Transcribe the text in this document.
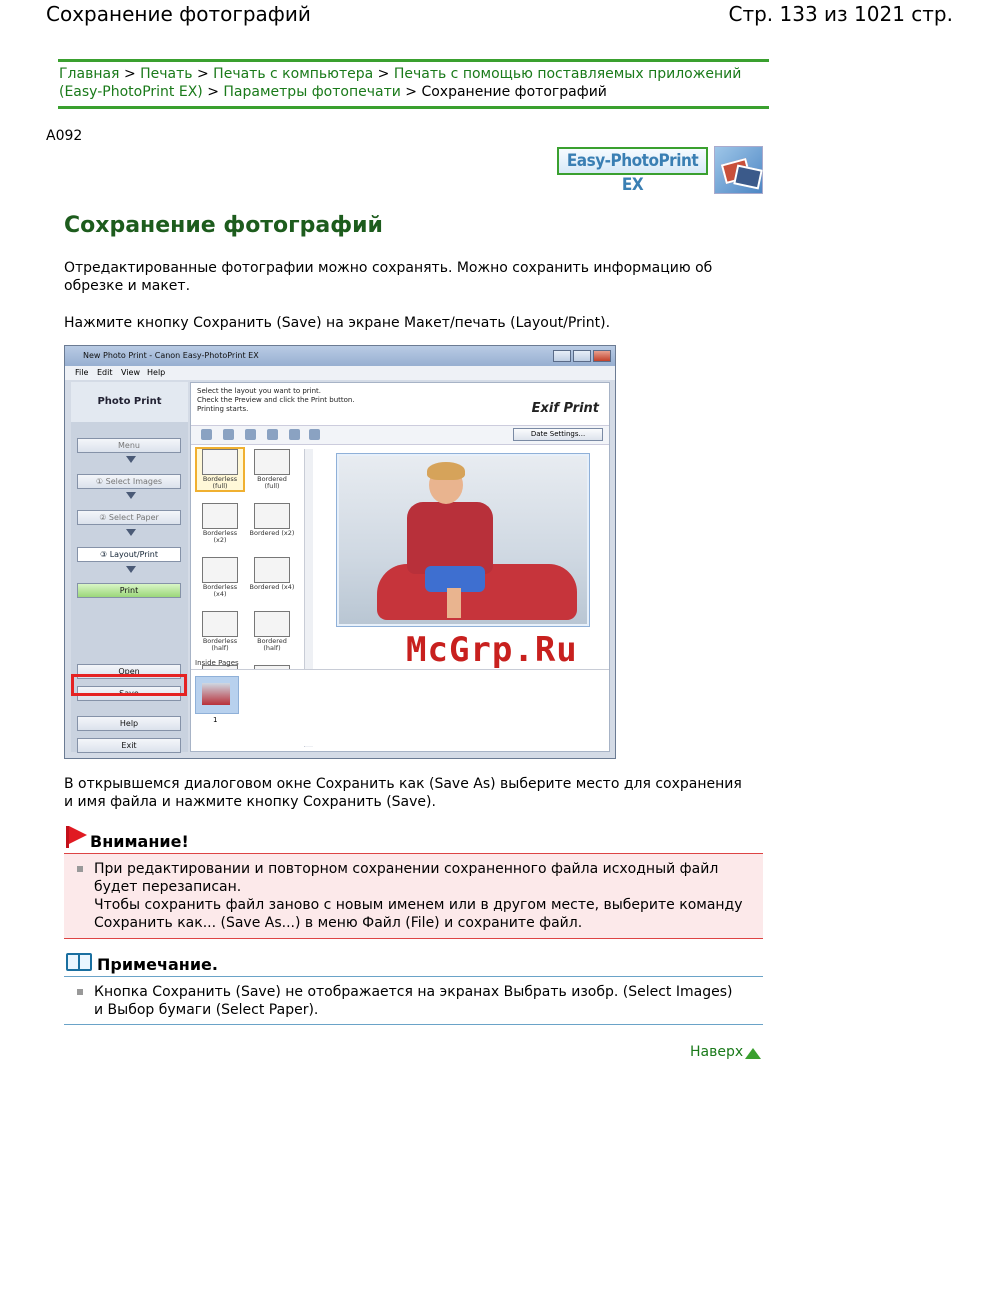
Сохранение фотографий	Стр. 133 из 1021 стр.
Главная > Печать > Печать с компьютера > Печать с помощью поставляемых приложений (Easy-PhotoPrint EX) > Параметры фотопечати > Сохранение фотографий
A092
Easy-PhotoPrint EX
Сохранение фотографий
Отредактированные фотографии можно сохранять. Можно сохранить информацию об обрезке и макет.
Нажмите кнопку Сохранить (Save) на экране Макет/печать (Layout/Print).
New Photo Print - Canon Easy-PhotoPrint EX
File Edit View Help
Photo Print
Menu
① Select Images
② Select Paper
③ Layout/Print
Print
Open
Save
Help
Exit
Select the layout you want to print.
Check the Preview and click the Print button.
Printing starts.	Exif Print
Date Settings...
Borderless (full)
Bordered (full)
Borderless (x2)
Bordered (x2)
Borderless (x4)
Bordered (x4)
Borderless (half)
Bordered (half)
Inside Pages
1
McGrp.Ru
В открывшемся диалоговом окне Сохранить как (Save As) выберите место для сохранения и имя файла и нажмите кнопку Сохранить (Save).
Внимание!
При редактировании и повторном сохранении сохраненного файла исходный файл будет перезаписан.
Чтобы сохранить файл заново с новым именем или в другом месте, выберите команду Сохранить как... (Save As...) в меню Файл (File) и сохраните файл.
Примечание.
Кнопка Сохранить (Save) не отображается на экранах Выбрать изобр. (Select Images) и Выбор бумаги (Select Paper).
Наверх
